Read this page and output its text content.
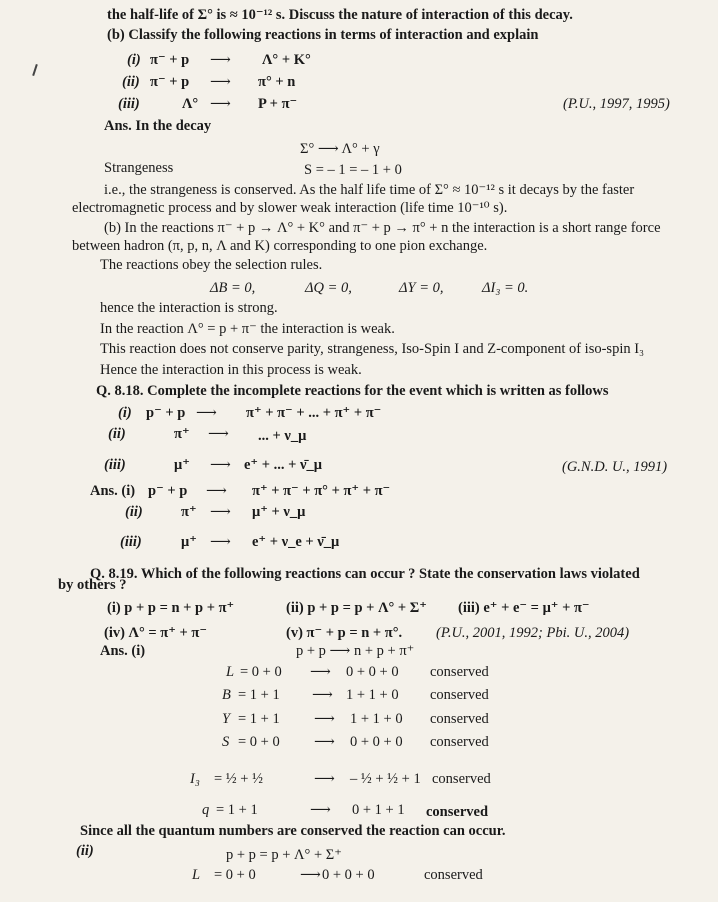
the half-life of Σ° is ≈ 10⁻¹² s. Discuss the nature of interaction of this decay.
(b) Classify the following reactions in terms of interaction and explain
(i) π⁻ + p ⟶ Λ° + K°
(ii) π⁻ + p ⟶ π° + n
(iii)	Λ° ⟶ P + π⁻	(P.U., 1997, 1995)
Ans. In the decay
Σ° ⟶ Λ° + γ
Strangeness	S = – 1 = – 1 + 0
i.e., the strangeness is conserved. As the half life time of Σ° ≈ 10⁻¹² s it decays by the faster
electromagnetic process and by slower weak interaction (life time 10⁻¹⁰ s).
(b) In the reactions π⁻ + p → Λ° + K° and π⁻ + p → π° + n the interaction is a short range force
between hadron (π, p, n, Λ and K) corresponding to one pion exchange.
The reactions obey the selection rules.
ΔB = 0,	ΔQ = 0,	ΔY = 0,	ΔI₃ = 0.
hence the interaction is strong.
In the reaction Λ° = p + π⁻ the interaction is weak.
This reaction does not conserve parity, strangeness, Iso-Spin I and Z-component of iso-spin I₃
Hence the interaction in this process is weak.
Q. 8.18. Complete the incomplete reactions for the event which is written as follows
(i) p⁻ + p ⟶ π⁺ + π⁻ + ... + π⁺ + π⁻
(ii)	π⁺ ⟶ ... + ν_μ
(iii)	μ⁺ ⟶ e⁺ + ... + ν̄_μ	(G.N.D. U., 1991)
Ans. (i) p⁻ + p ⟶ π⁺ + π⁻ + π° + π⁺ + π⁻
(ii)	π⁺ ⟶ μ⁺ + ν_μ
(iii)	μ⁺ ⟶ e⁺ + ν_e + ν̄_μ
Q. 8.19. Which of the following reactions can occur ? State the conservation laws violated
by others ?
(i) p + p = n + p + π⁺	(ii) p + p = p + Λ° + Σ⁺ (iii) e⁺ + e⁻ = μ⁺ + π⁻
(iv) Λ° = π⁺ + π⁻	(v) π⁻ + p = n + π°. (P.U., 2001, 1992; Pbi. U., 2004)
Ans. (i)	p + p ⟶ n + p + π⁺
L = 0 + 0 ⟶ 0 + 0 + 0 conserved
B = 1 + 1 ⟶ 1 + 1 + 0 conserved
Y = 1 + 1 ⟶ 1 + 1 + 0 conserved
S = 0 + 0 ⟶ 0 + 0 + 0 conserved
I₃ = ½ + ½	⟶ – ½ + ½ + 1 conserved
q = 1 + 1	⟶ 0 + 1 + 1 conserved
Since all the quantum numbers are conserved the reaction can occur.
(ii)	p + p = p + Λ° + Σ⁺
L = 0 + 0	⟶ 0 + 0 + 0	conserved
